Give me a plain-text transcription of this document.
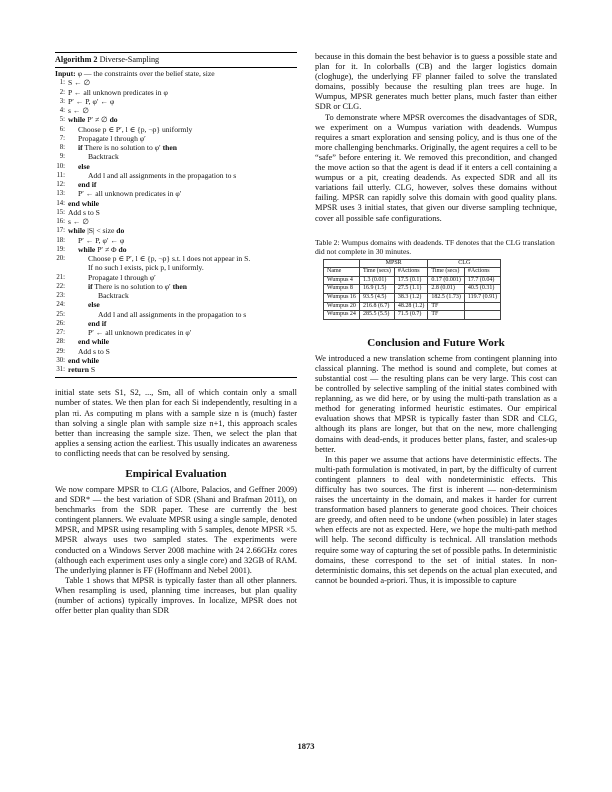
Algorithm 2 Diverse-Sampling
Input: φ — the constraints over the belief state, size
1: S ← ∅
2: P ← all unknown predicates in φ
3: P′ ← P, φ′ ← φ
4: s ← ∅
5: while P′ ≠ ∅ do
6: Choose p ∈ P′, l ∈ {p, ¬p} uniformly
7: Propagate l through φ′
8: if There is no solution to φ′ then
9:	Backtrack
10: else
11:	Add l and all assignments in the propagation to s
12: end if
13: P′ ← all unknown predicates in φ′
14: end while
15: Add s to S
16: s ← ∅
17: while |S| < size do
18: P′ ← P, φ′ ← φ
19: while P′ ≠ Φ do
20:	Choose p ∈ P′, l ∈ {p, ¬p} s.t. l does not appear in S.
If no such l exists, pick p, l uniformly.
21:	Propagate l through φ′
22:	if There is no solution to φ′ then
23:	Backtrack
24:	else
25:	Add l and all assignments in the propagation to s
26:	end if
27:	P′ ← all unknown predicates in φ′
28: end while
29: Add s to S
30: end while
31: return S

initial state sets S1, S2, ..., Sm, all of which contain only a small number of states. We then plan for each Si independently, resulting in a plan πi. As computing m plans with a sample size n is (much) faster than solving a single plan with sample size n+1, this approach scales better than increasing the sample size. Then, we select the plan that applies a sensing action the earliest. This usually indicates an awareness to conflicting needs that can be resolved by sensing.

Empirical Evaluation

We now compare MPSR to CLG (Albore, Palacios, and Geffner 2009) and SDR* — the best variation of SDR (Shani and Brafman 2011), on benchmarks from the SDR paper. These are currently the best contingent planners. We evaluate MPSR using a single sample, denoted MPSR, and MPSR using resampling with 5 samples, denote MPSR ×5. MPSR always uses two sampled states. The experiments were conducted on a Windows Server 2008 machine with 24 2.66GHz cores (although each experiment uses only a single core) and 32GB of RAM. The underlying planner is FF (Hoffmann and Nebel 2001).

Table 1 shows that MPSR is typically faster than all other planners. When resampling is used, planning time increases, but plan quality (number of actions) typically improves. In localize, MPSR does not offer better plan quality than SDR

because in this domain the best behavior is to guess a possible state and plan for it. In colorballs (CB) and the larger logistics domain (cloghuge), the underlying FF planner failed to solve the translated domains, possibly because the resulting plan trees are huge. In Wumpus, MPSR generates much better plans, much faster than either SDR or CLG.

To demonstrate where MPSR overcomes the disadvantages of SDR, we experiment on a Wumpus variation with deadends. Wumpus requires a smart exploration and sensing policy, and is thus one of the more challenging benchmarks. Originally, the agent requires a cell to be “safe” before entering it. We removed this precondition, and changed the move action so that the agent is dead if it enters a cell containing a wumpus or a pit, creating deadends. As expected SDR and all its variations fail utterly. CLG, however, solves these domains without failing. MPSR can rapidly solve this domain with good quality plans. MPSR uses 3 initial states, that given our diverse sampling technique, cover all possible safe configurations.

Table 2: Wumpus domains with deadends. TF denotes that the CLG translation did not complete in 30 minutes.
	MPSR		CLG	
Name	Time (secs)	#Actions	Time (secs)	#Actions
Wumpus 4	1.3 (0.01)	17.5 (0.1)	0.17 (0.001)	17.7 (0.04)
Wumpus 8	16.9 (1.5)	27.5 (1.1)	2.8 (0.01)	40.5 (0.31)
Wumpus 16	93.5 (4.5)	38.3 (1.2)	182.5 (1.73)	119.7 (0.91)
Wumpus 20	216.8 (6.7)	48.28 (1.2)	TF	
Wumpus 24	285.5 (5.5)	71.5 (0.7)	TF	
Conclusion and Future Work

We introduced a new translation scheme from contingent planning into classical planning. The method is sound and complete, but comes at substantial cost — the resulting plans can be very large. This cost can be controlled by selective sampling of the initial states combined with replanning, as we did here, or by using the multi-path translation as a method for generating informed heuristic estimates. Our empirical evaluation shows that MPSR is typically faster than SDR and CLG, although its plans are longer, but that on the new, more challenging domains with dead-ends, it produces better plans, faster, and scales-up better.

In this paper we assume that actions have deterministic effects. The multi-path formulation is motivated, in part, by the difficulty of current contingent planners to deal with nondeterministic effects. This difficulty has two sources. The first is inherent — non-determinism raises the uncertainty in the domain, and makes it harder for current transformation based planners to generate good choices. Their choices are greedy, and often need to be undone (when possible) in later stages when effects are not as expected. Here, we hope the multi-path method will help. The second difficulty is technical. All translation methods require some way of capturing the set of possible paths. In deterministic domains, these correspond to the set of initial states. In non-deterministic domains, this set depends on the actual plan executed, and cannot be bounded a-priori. Thus, it is impossible to capture

1873
